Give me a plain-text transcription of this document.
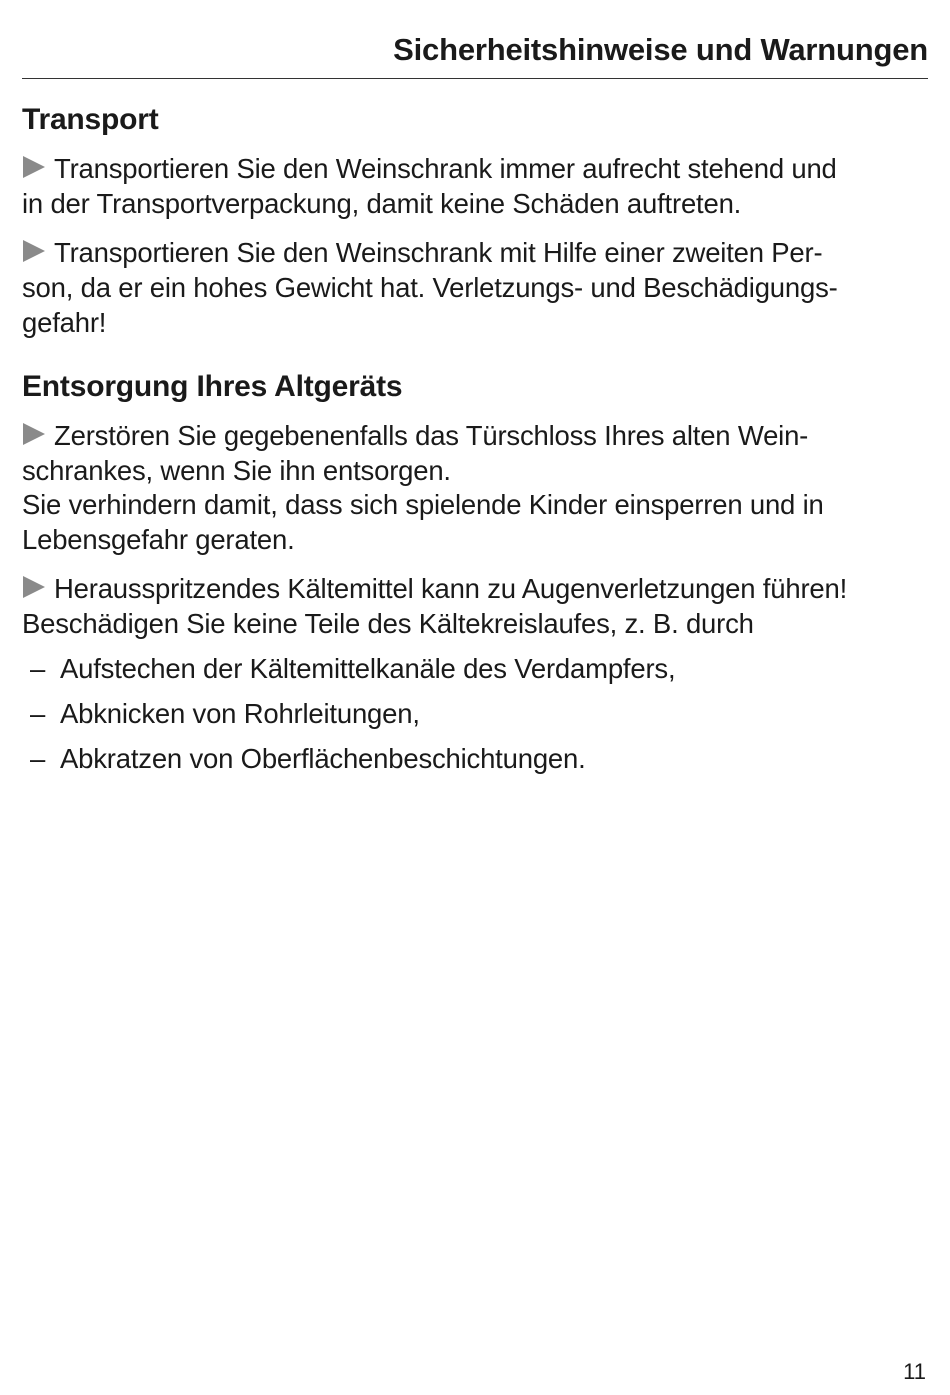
Sicherheitshinweise und Warnungen
Transport

Transportieren Sie den Weinschrank immer aufrecht stehend und
in der Transportverpackung, damit keine Schäden auftreten.

Transportieren Sie den Weinschrank mit Hilfe einer zweiten Per-
son, da er ein hohes Gewicht hat. Verletzungs- und Beschädigungs-
gefahr!

Entsorgung Ihres Altgeräts

Zerstören Sie gegebenenfalls das Türschloss Ihres alten Wein-
schrankes, wenn Sie ihn entsorgen.
Sie verhindern damit, dass sich spielende Kinder einsperren und in
Lebensgefahr geraten.

Herausspritzendes Kältemittel kann zu Augenverletzungen führen!
Beschädigen Sie keine Teile des Kältekreislaufes, z. B. durch

– Aufstechen der Kältemittelkanäle des Verdampfers,
– Abknicken von Rohrleitungen,
– Abkratzen von Oberflächenbeschichtungen.
11
